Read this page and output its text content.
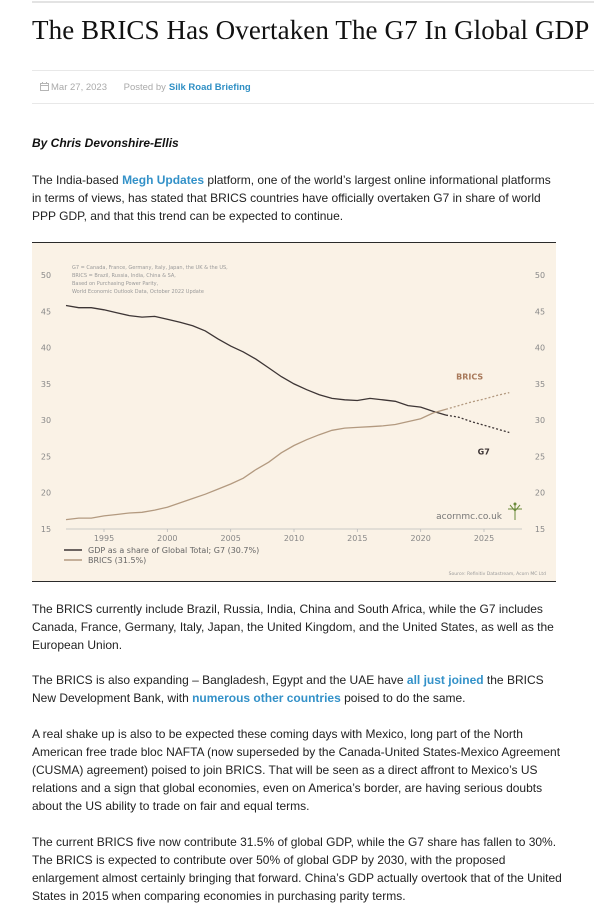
The BRICS Has Overtaken The G7 In Global GDP
Mar 27, 2023 Posted by Silk Road Briefing
By Chris Devonshire-Ellis

The India-based Megh Updates platform, one of the world’s largest online informational platforms in terms of views, has stated that BRICS countries have officially overtaken G7 in share of world PPP GDP, and that this trend can be expected to continue.

15	15
20	20
25	25
30	30
35	35
40	40
45	45
50	50
1995	2000	2005	2010	2015	2020	2025
G7 = Canada, France, Germany, Italy, Japan, the UK & the US,
BRICS = Brazil, Russia, India, China & SA,
Based on Purchasing Power Parity,
World Economic Outlook Data, October 2022 Update
G7
BRICS
acornmc.co.uk
GDP as a share of Global Total; G7 (30.7%)
BRICS (31.5%)
Source: Refinitiv Datastream, Acorn MC Ltd

The BRICS currently include Brazil, Russia, India, China and South Africa, while the G7 includes Canada, France, Germany, Italy, Japan, the United Kingdom, and the United States, as well as the European Union.

The BRICS is also expanding – Bangladesh, Egypt and the UAE have all just joined the BRICS New Development Bank, with numerous other countries poised to do the same.

A real shake up is also to be expected these coming days with Mexico, long part of the North American free trade bloc NAFTA (now superseded by the Canada-United States-Mexico Agreement (CUSMA) agreement) poised to join BRICS. That will be seen as a direct affront to Mexico’s US relations and a sign that global economies, even on America’s border, are having serious doubts about the US ability to trade on fair and equal terms.

The current BRICS five now contribute 31.5% of global GDP, while the G7 share has fallen to 30%. The BRICS is expected to contribute over 50% of global GDP by 2030, with the proposed enlargement almost certainly bringing that forward. China’s GDP actually overtook that of the United States in 2015 when comparing economies in purchasing parity terms.
